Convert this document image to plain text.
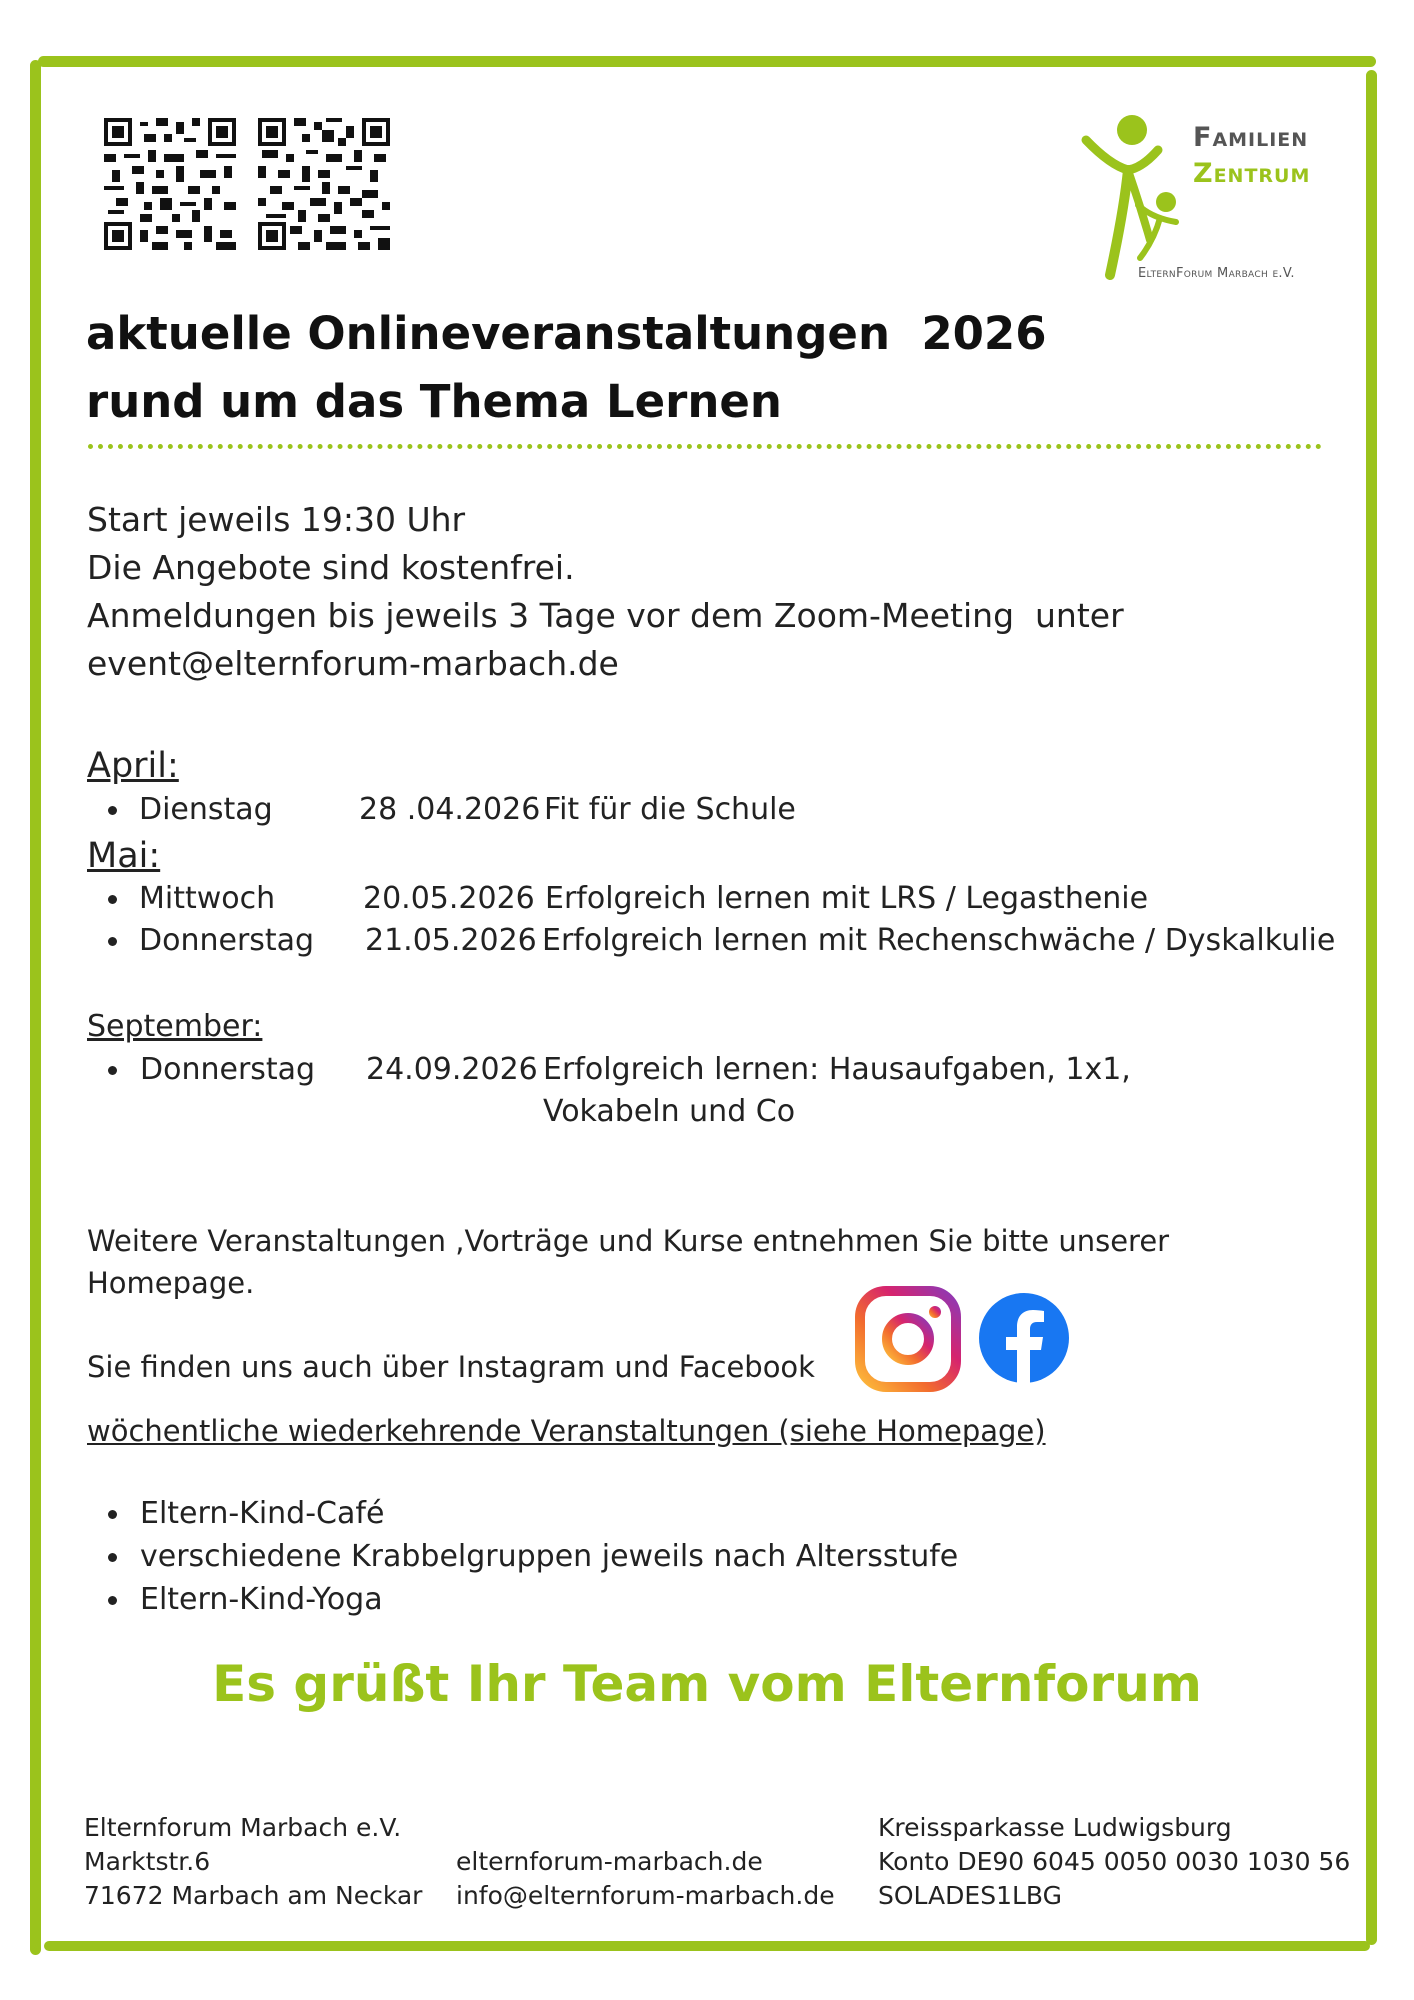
Familien
Zentrum
ElternForum Marbach e.V.
aktuelle Onlineveranstaltungen  2026
rund um das Thema Lernen
Start jeweils 19:30 Uhr
Die Angebote sind kostenfrei.
Anmeldungen bis jeweils 3 Tage vor dem Zoom-Meeting  unter
event@elternforum-marbach.de
April:
Dienstag	28 .04.2026 Fit für die Schule
Mai:
Mittwoch	20.05.2026 Erfolgreich lernen mit LRS / Legasthenie
Donnerstag 21.05.2026 Erfolgreich lernen mit Rechenschwäche / Dyskalkulie
September:
Donnerstag 24.09.2026 Erfolgreich lernen: Hausaufgaben, 1x1,
Vokabeln und Co
Weitere Veranstaltungen ,Vorträge und Kurse entnehmen Sie bitte unserer
Homepage.
Sie finden uns auch über Instagram und Facebook
wöchentliche wiederkehrende Veranstaltungen (siehe Homepage)
Eltern-Kind-Café
verschiedene Krabbelgruppen jeweils nach Altersstufe
Eltern-Kind-Yoga
Es grüßt Ihr Team vom Elternforum
Elternforum Marbach e.V.
Marktstr.6
71672 Marbach am Neckar
elternforum-marbach.de
info@elternforum-marbach.de
Kreissparkasse Ludwigsburg
Konto DE90 6045 0050 0030 1030 56
SOLADES1LBG
